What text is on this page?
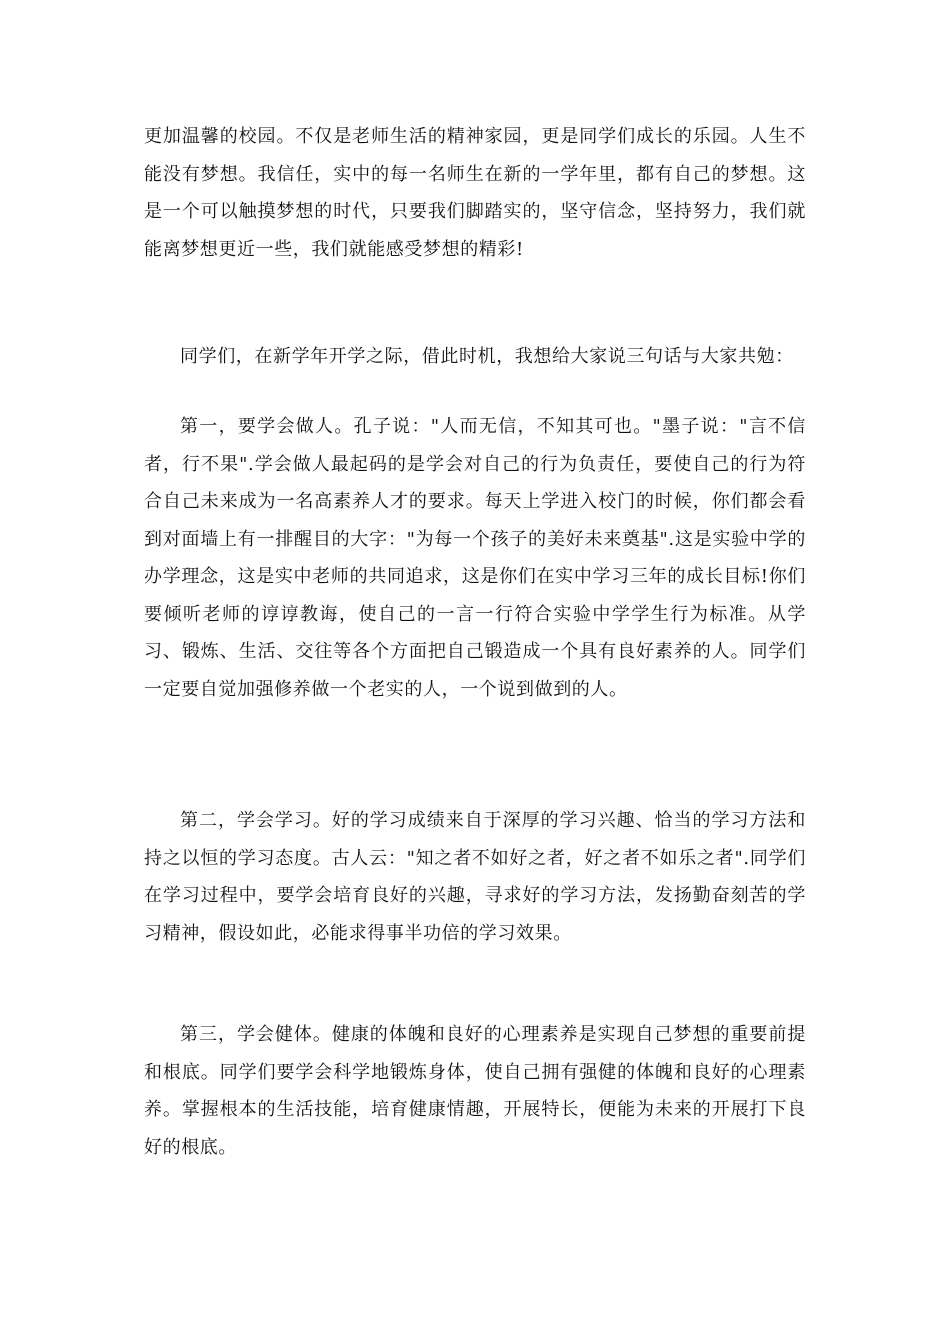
更加温馨的校园。不仅是老师生活的精神家园，更是同学们成长的乐园。人生不能没有梦想。我信任，实中的每一名师生在新的一学年里，都有自己的梦想。这是一个可以触摸梦想的时代，只要我们脚踏实的，坚守信念，坚持努力，我们就能离梦想更近一些，我们就能感受梦想的精彩!

同学们，在新学年开学之际，借此时机，我想给大家说三句话与大家共勉：

第一，要学会做人。孔子说："人而无信，不知其可也。"墨子说："言不信者，行不果".学会做人最起码的是学会对自己的行为负责任，要使自己的行为符合自己未来成为一名高素养人才的要求。每天上学进入校门的时候，你们都会看到对面墙上有一排醒目的大字："为每一个孩子的美好未来奠基".这是实验中学的办学理念，这是实中老师的共同追求，这是你们在实中学习三年的成长目标!你们要倾听老师的谆谆教诲，使自己的一言一行符合实验中学学生行为标准。从学习、锻炼、生活、交往等各个方面把自己锻造成一个具有良好素养的人。同学们一定要自觉加强修养做一个老实的人，一个说到做到的人。

第二，学会学习。好的学习成绩来自于深厚的学习兴趣、恰当的学习方法和持之以恒的学习态度。古人云："知之者不如好之者，好之者不如乐之者".同学们在学习过程中，要学会培育良好的兴趣，寻求好的学习方法，发扬勤奋刻苦的学习精神，假设如此，必能求得事半功倍的学习效果。

第三，学会健体。健康的体魄和良好的心理素养是实现自己梦想的重要前提和根底。同学们要学会科学地锻炼身体，使自己拥有强健的体魄和良好的心理素养。掌握根本的生活技能，培育健康情趣，开展特长，便能为未来的开展打下良好的根底。
